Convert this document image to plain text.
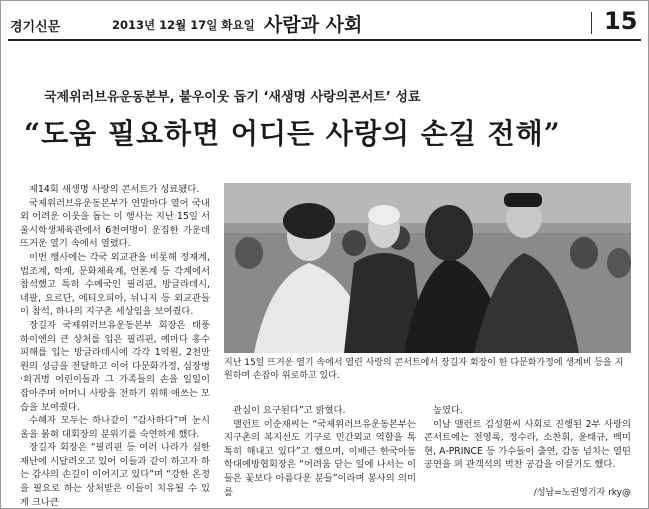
경기신문	2013년 12월 17일 화요일 사람과 사회	15
국제위러브유운동본부, 불우이웃 돕기 ‘새생명 사랑의콘서트’ 성료
“도움 필요하면 어디든 사랑의 손길 전해”

제14회 새생명 사랑의 콘서트가 성료됐다.

국제위러브유운동본부가 연말마다 열어 국내외 어려운 이웃을 돕는 이 행사는 지난 15일 서울시학생체육관에서 6천여명이 운집한 가운데 뜨거운 열기 속에서 열렸다.

이번 행사에는 각국 외교관을 비롯해 정재계, 법조계, 학계, 문화체육계, 언론계 등 각계에서 참석했고 특히 수예국인 필리핀, 방글라데시, 네팔, 요르단, 에티오피아, 뉘니지 등 외교관들이 참석, 하나의 지구촌 세상임을 보여줬다.

장길자 국제위러브유운동본부 회장은 태풍 하이엔의 큰 상처를 입은 필리핀, 예마다 홍수피해를 입는 방글라데시에 각각 1억원, 2천만원의 성금을 전달하고 이어 다문화가정, 심장병·희귀병 어린이들과 그 가족들의 손을 일일이 잡아주며 어머니 사랑을 전하기 위해 애쓰는 모습을 보여줬다.

수혜자 모두는 하나같이 “감사하다”며 눈시울을 붉혀 대회장의 분위기를 숙연하게 했다.

장길자 회장은 “필리핀 등 여러 나라가 심한 재난에 시달려오고 있어 이들과 같이 하고자 하는 감사의 손길이 이어지고 있다”며 “강한 온정을 필요로 하는 상처받은 이들이 치유될 수 있게 크나큰

지난 15일 뜨거운 열기 속에서 열린 사랑의 콘서트에서 장길자 회장이 한 다문화가정에 생계비 등을 지원하며 손잡아 위로하고 있다.

관심이 요구된다”고 밝혔다.

맬런트 이순재씨는 “국제위러브유운동본부는 지구촌의 복지선도 기구로 민간외교 역할을 톡톡히 해내고 있다”고 했으며, 이배근 한국아동학대예방협회장은 “어려움 닫는 일에 나서는 이들은 꽃보다 아름다운 분들”이라며 봉사의 의미를

높였다.

이날 맬런트 김성환씨 사회로 진행된 2부 사랑의 콘서트에는 전영록, 정수라, 소찬휘, 윤태규, 백미현, A-PRINCE 등 가수들이 출연, 감동 넘치는 열띤 공연을 펴 관객석의 벅찬 공감을 이끌기도 했다.

/성남=노권영기자 rky@
